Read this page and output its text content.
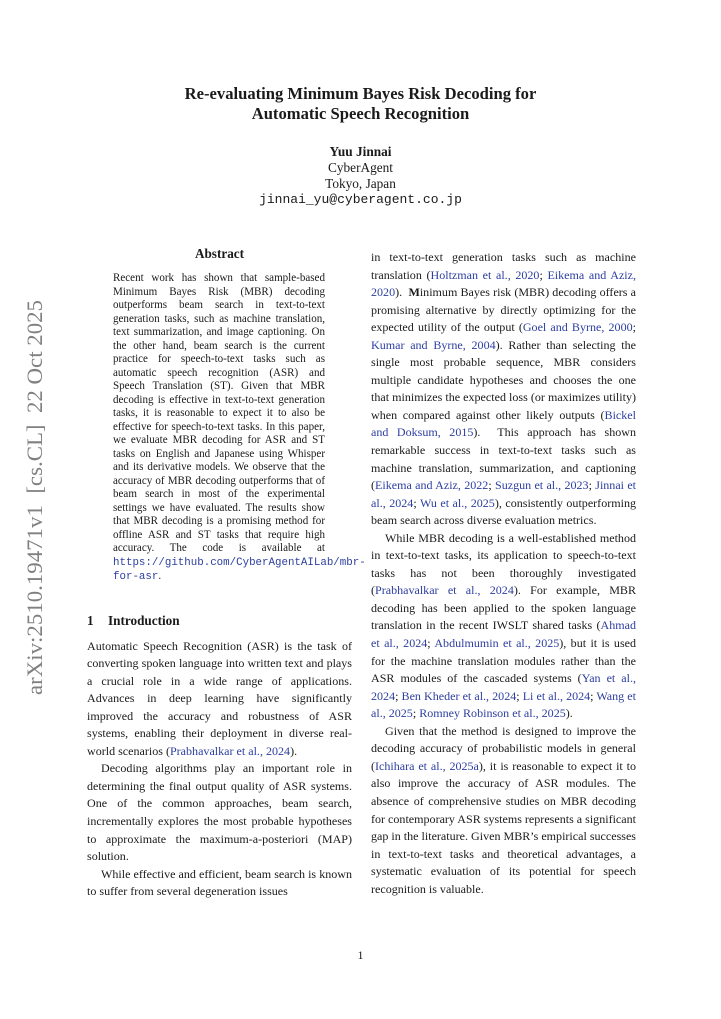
arXiv:2510.19471v1  [cs.CL]  22 Oct 2025
Re-evaluating Minimum Bayes Risk Decoding for
Automatic Speech Recognition
Yuu Jinnai
CyberAgent
Tokyo, Japan
jinnai_yu@cyberagent.co.jp
Abstract

Recent work has shown that sample-based Minimum Bayes Risk (MBR) decoding outperforms beam search in text-to-text generation tasks, such as machine translation, text summarization, and image captioning. On the other hand, beam search is the current practice for speech-to-text tasks such as automatic speech recognition (ASR) and Speech Translation (ST). Given that MBR decoding is effective in text-to-text generation tasks, it is reasonable to expect it to also be effective for speech-to-text tasks. In this paper, we evaluate MBR decoding for ASR and ST tasks on English and Japanese using Whisper and its derivative models. We observe that the accuracy of MBR decoding outperforms that of beam search in most of the experimental settings we have evaluated. The results show that MBR decoding is a promising method for offline ASR and ST tasks that require high accuracy. The code is available at https://github.com/CyberAgentAILab/mbr-for-asr.

1 Introduction

Automatic Speech Recognition (ASR) is the task of converting spoken language into written text and plays a crucial role in a wide range of applications. Advances in deep learning have significantly improved the accuracy and robustness of ASR systems, enabling their deployment in diverse real-world scenarios (Prabhavalkar et al., 2024).

Decoding algorithms play an important role in determining the final output quality of ASR systems. One of the common approaches, beam search, incrementally explores the most probable hypotheses to approximate the maximum-a-posteriori (MAP) solution.

While effective and efficient, beam search is known to suffer from several degeneration issues

in text-to-text generation tasks such as machine translation (Holtzman et al., 2020; Eikema and Aziz, 2020).  Minimum Bayes risk (MBR) decoding offers a promising alternative by directly optimizing for the expected utility of the output (Goel and Byrne, 2000; Kumar and Byrne, 2004). Rather than selecting the single most probable sequence, MBR considers multiple candidate hypotheses and chooses the one that minimizes the expected loss (or maximizes utility) when compared against other likely outputs (Bickel and Doksum, 2015).  This approach has shown remarkable success in text-to-text tasks such as machine translation, summarization, and captioning (Eikema and Aziz, 2022; Suzgun et al., 2023; Jinnai et al., 2024; Wu et al., 2025), consistently outperforming beam search across diverse evaluation metrics.

While MBR decoding is a well-established method in text-to-text tasks, its application to speech-to-text tasks has not been thoroughly investigated (Prabhavalkar et al., 2024). For example, MBR decoding has been applied to the spoken language translation in the recent IWSLT shared tasks (Ahmad et al., 2024; Abdulmumin et al., 2025), but it is used for the machine translation modules rather than the ASR modules of the cascaded systems (Yan et al., 2024; Ben Kheder et al., 2024; Li et al., 2024; Wang et al., 2025; Romney Robinson et al., 2025).

Given that the method is designed to improve the decoding accuracy of probabilistic models in general (Ichihara et al., 2025a), it is reasonable to expect it to also improve the accuracy of ASR modules. The absence of comprehensive studies on MBR decoding for contemporary ASR systems represents a significant gap in the literature. Given MBR’s empirical successes in text-to-text tasks and theoretical advantages, a systematic evaluation of its potential for speech recognition is valuable.

1
